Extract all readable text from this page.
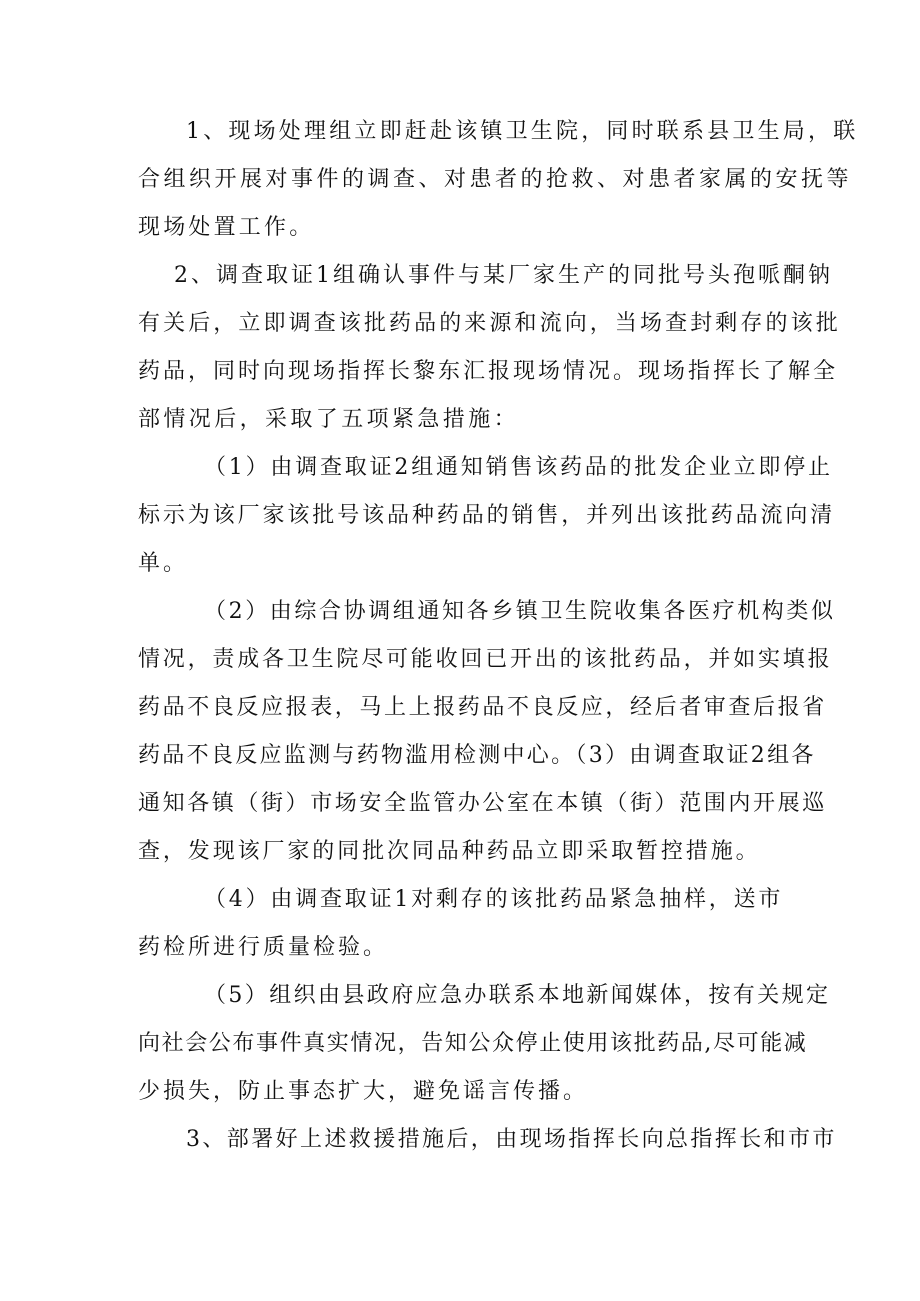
1、现场处理组立即赶赴该镇卫生院，同时联系县卫生局，联
合组织开展对事件的调查、对患者的抢救、对患者家属的安抚等
现场处置工作。
2、调查取证1组确认事件与某厂家生产的同批号头孢哌酮钠
有关后，立即调查该批药品的来源和流向，当场查封剩存的该批
药品，同时向现场指挥长黎东汇报现场情况。现场指挥长了解全
部情况后，采取了五项紧急措施：
（1）由调查取证2组通知销售该药品的批发企业立即停止
标示为该厂家该批号该品种药品的销售，并列出该批药品流向清
单。
（2）由综合协调组通知各乡镇卫生院收集各医疗机构类似
情况，责成各卫生院尽可能收回已开出的该批药品，并如实填报
药品不良反应报表，马上上报药品不良反应，经后者审查后报省
药品不良反应监测与药物滥用检测中心。（3）由调查取证2组各
通知各镇（街）市场安全监管办公室在本镇（街）范围内开展巡
查，发现该厂家的同批次同品种药品立即采取暂控措施。
（4）由调查取证1对剩存的该批药品紧急抽样，送市
药检所进行质量检验。
（5）组织由县政府应急办联系本地新闻媒体，按有关规定
向社会公布事件真实情况，告知公众停止使用该批药品,尽可能减
少损失，防止事态扩大，避免谣言传播。
3、部署好上述救援措施后，由现场指挥长向总指挥长和市市
